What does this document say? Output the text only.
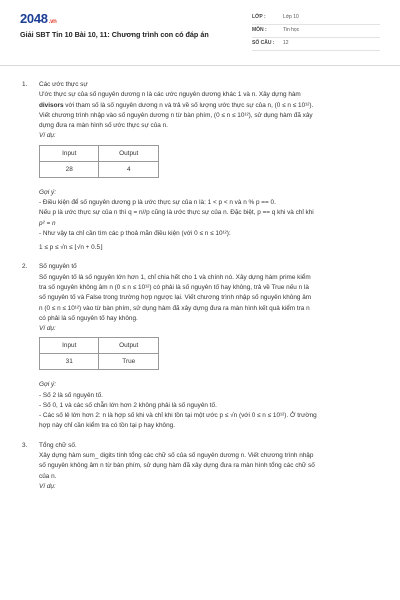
2048.vn
Giải SBT Tin 10 Bài 10, 11: Chương trình con có đáp án
LỚP :	Lớp 10
MÔN :	Tin học
SỐ CÂU :	12
1. Các ước thực sự

Ước thực sự của số nguyên dương n là các ước nguyên dương khác 1 và n. Xây dựng hàm

divisors với tham số là số nguyên dương n và trả về số lượng ước thực sự của n, (0 ≤ n ≤ 10¹²).

Viết chương trình nhập vào số nguyên dương n từ bàn phím, (0 ≤ n ≤ 10¹²), sử dụng hàm đã xây

dựng đưa ra màn hình số ước thực sự của n.

Ví dụ:

Input	Output
28	4

Gợi ý:

- Điều kiện để số nguyên dương p là ước thực sự của n là: 1 < p < n và n % p == 0.

Nếu p là ước thực sự của n thì q = n//p cũng là ước thực sự của n. Đặc biệt, p == q khi và chỉ khi

p² = n

- Như vậy ta chỉ cần tìm các p thoả mãn điều kiện (với 0 ≤ n ≤ 10¹²):

1 ≤ p ≤ √n ≤ ⌊√n + 0.5⌋

2. Số nguyên tố

Số nguyên tố là số nguyên lớn hơn 1, chỉ chia hết cho 1 và chính nó. Xây dựng hàm prime kiểm

tra số nguyên không âm n (0 ≤ n ≤ 10¹²) có phải là số nguyên tố hay không, trả về True nếu n là

số nguyên tố và False trong trường hợp ngược lại. Viết chương trình nhập số nguyên không âm

n (0 ≤ n ≤ 10¹²) vào từ bàn phím, sử dụng hàm đã xây dựng đưa ra màn hình kết quả kiểm tra n

có phải là số nguyên tố hay không.

Ví dụ:

Input	Output
31	True

Gợi ý:

- Số 2 là số nguyên tố.

- Số 0, 1 và các số chẵn lớn hơn 2 không phải là số nguyên tố.

- Các số lẻ lớn hơn 2: n là hợp số khi và chỉ khi tồn tại một ước p ≤ √n (với 0 ≤ n ≤ 10¹²). Ở trường

hợp này chỉ cần kiểm tra có tồn tại p hay không.

3. Tổng chữ số.

Xây dựng hàm sum_ digits tính tổng các chữ số của số nguyên dương n. Viết chương trình nhập

số nguyên không âm n từ bàn phím, sử dụng hàm đã xây dựng đưa ra màn hình tổng các chữ số

của n.

Ví dụ:
